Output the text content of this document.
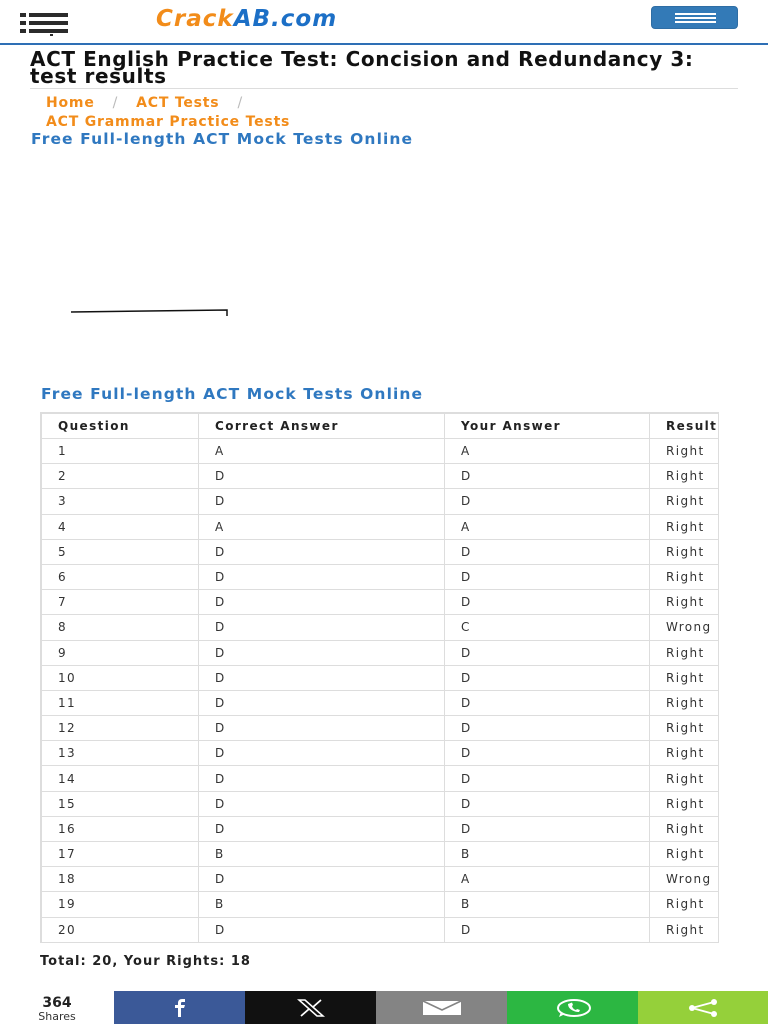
CrackAB.com
ACT English Practice Test: Concision and Redundancy 3: test results
Home / ACT Tests /
ACT Grammar Practice Tests
Free Full-length ACT Mock Tests Online
Free Full-length ACT Mock Tests Online
Question	Correct Answer	Your Answer	Result
1	A	A	Right
2	D	D	Right
3	D	D	Right
4	A	A	Right
5	D	D	Right
6	D	D	Right
7	D	D	Right
8	D	C	Wrong
9	D	D	Right
10	D	D	Right
11	D	D	Right
12	D	D	Right
13	D	D	Right
14	D	D	Right
15	D	D	Right
16	D	D	Right
17	B	B	Right
18	D	A	Wrong
19	B	B	Right
20	D	D	Right
Total: 20, Your Rights: 18
364
Shares
